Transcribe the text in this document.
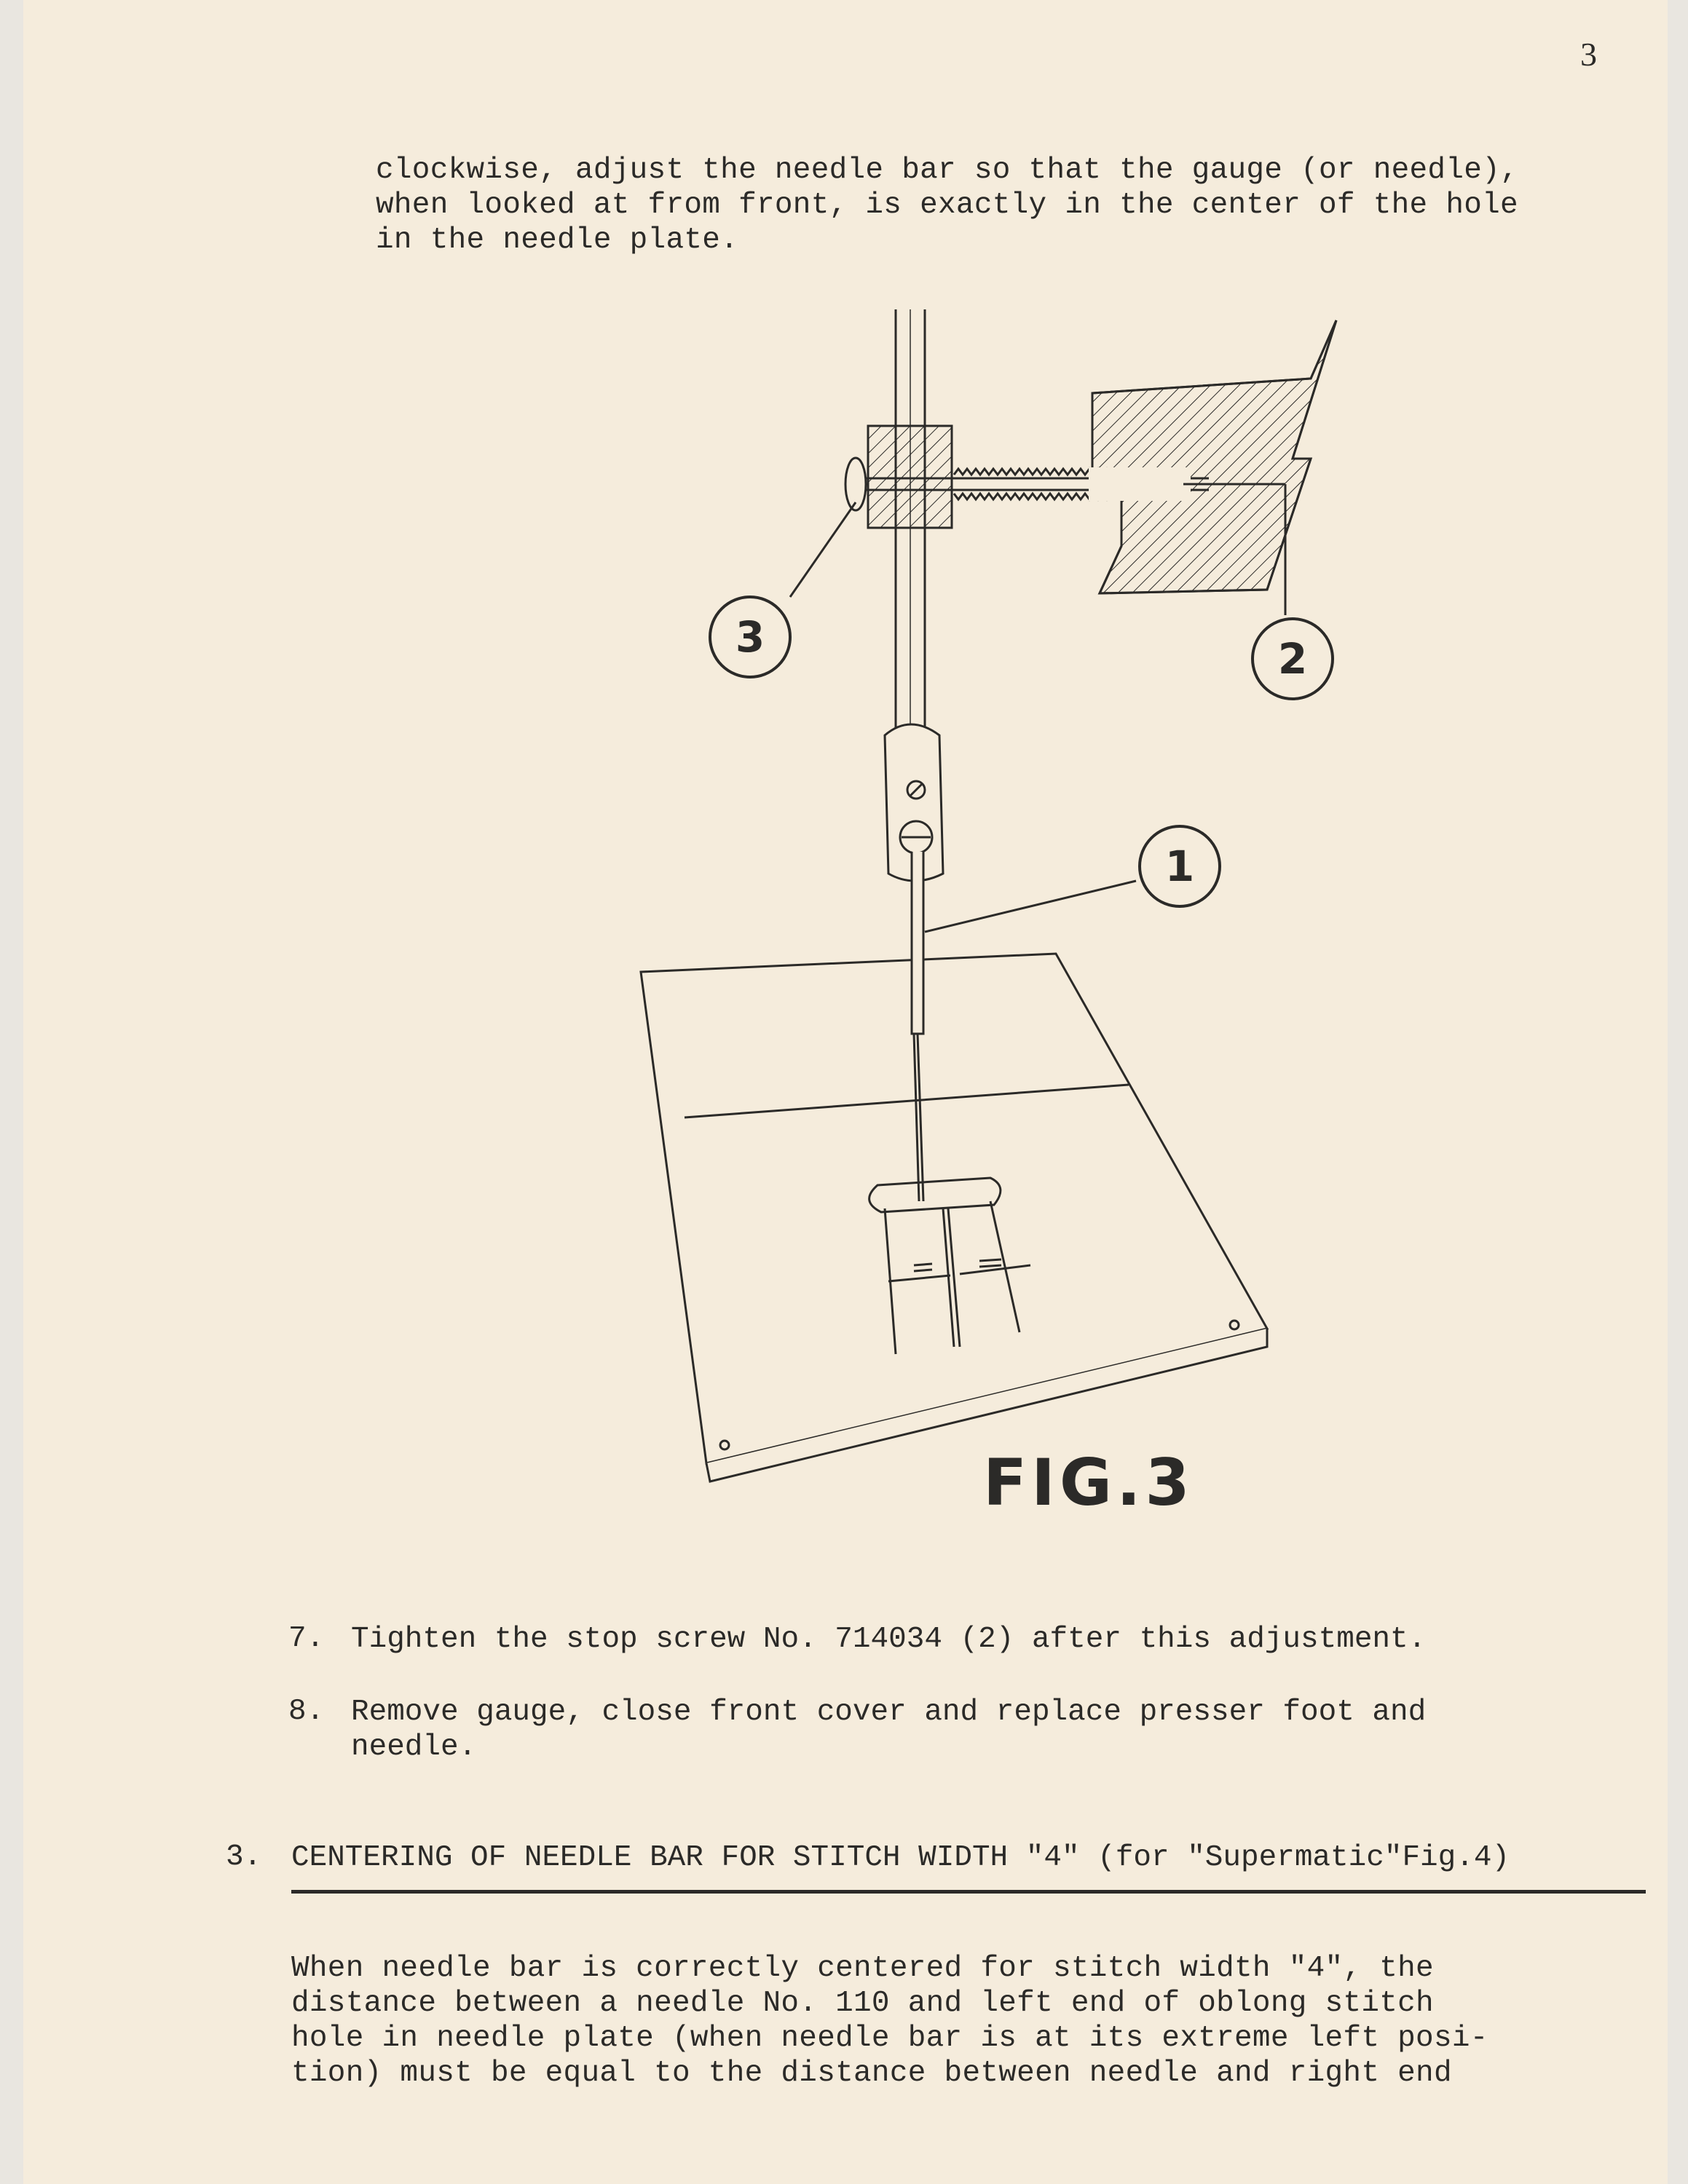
3
clockwise, adjust the needle bar so that the gauge (or needle),
when looked at from front, is exactly in the center of the hole
in the needle plate.
1
2
3
FIG.3
7. Tighten the stop screw No. 714034 (2) after this adjustment.
8. Remove gauge, close front cover and replace presser foot and
needle.
3. CENTERING OF NEEDLE BAR FOR STITCH WIDTH "4" (for "Supermatic"Fig.4)
When needle bar is correctly centered for stitch width "4", the
distance between a needle No. 110 and left end of oblong stitch
hole in needle plate (when needle bar is at its extreme left posi-
tion) must be equal to the distance between needle and right end
